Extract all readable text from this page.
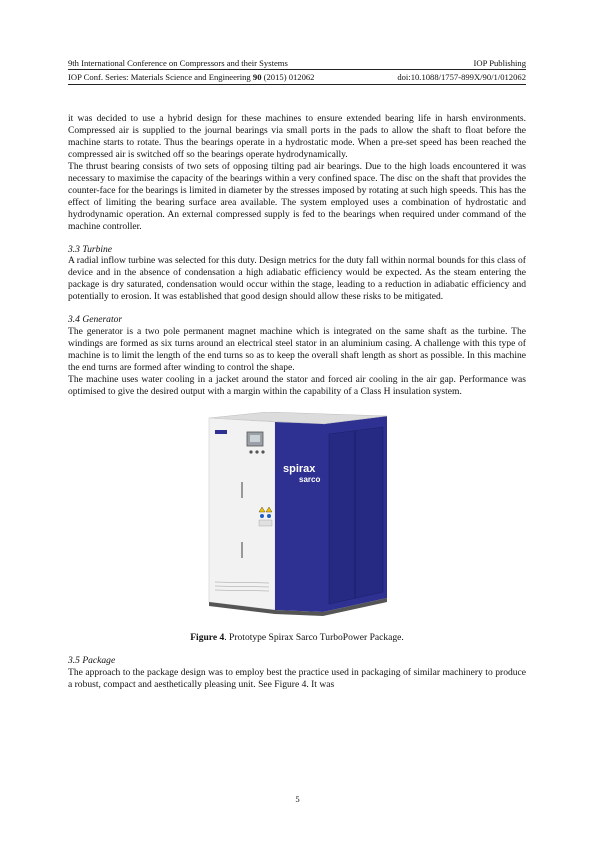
9th International Conference on Compressors and their Systems	IOP Publishing
IOP Conf. Series: Materials Science and Engineering 90 (2015) 012062	doi:10.1088/1757-899X/90/1/012062

it was decided to use a hybrid design for these machines to ensure extended bearing life in harsh environments. Compressed air is supplied to the journal bearings via small ports in the pads to allow the shaft to float before the machine starts to rotate. Thus the bearings operate in a hydrostatic mode. When a pre-set speed has been reached the compressed air is switched off so the bearings operate hydrodynamically.

The thrust bearing consists of two sets of opposing tilting pad air bearings. Due to the high loads encountered it was necessary to maximise the capacity of the bearings within a very confined space. The disc on the shaft that provides the counter-face for the bearings is limited in diameter by the stresses imposed by rotating at such high speeds. This has the effect of limiting the bearing surface area available. The system employed uses a combination of hydrostatic and hydrodynamic operation. An external compressed supply is fed to the bearings when required under command of the machine controller.

3.3 Turbine

A radial inflow turbine was selected for this duty. Design metrics for the duty fall within normal bounds for this class of device and in the absence of condensation a high adiabatic efficiency would be expected. As the steam entering the package is dry saturated, condensation would occur within the stage, leading to a reduction in adiabatic efficiency and potentially to erosion. It was established that good design should allow these risks to be mitigated.

3.4 Generator

The generator is a two pole permanent magnet machine which is integrated on the same shaft as the turbine. The windings are formed as six turns around an electrical steel stator in an aluminium casing. A challenge with this type of machine is to limit the length of the end turns so as to keep the overall shaft length as short as possible. In this machine the end turns are formed after winding to control the shape.

The machine uses water cooling in a jacket around the stator and forced air cooling in the air gap. Performance was optimised to give the desired output with a margin within the capability of a Class H insulation system.

spirax
sarco
Figure 4. Prototype Spirax Sarco TurboPower Package.
3.5 Package

The approach to the package design was to employ best the practice used in packaging of similar machinery to produce a robust, compact and aesthetically pleasing unit. See Figure 4. It was

5
